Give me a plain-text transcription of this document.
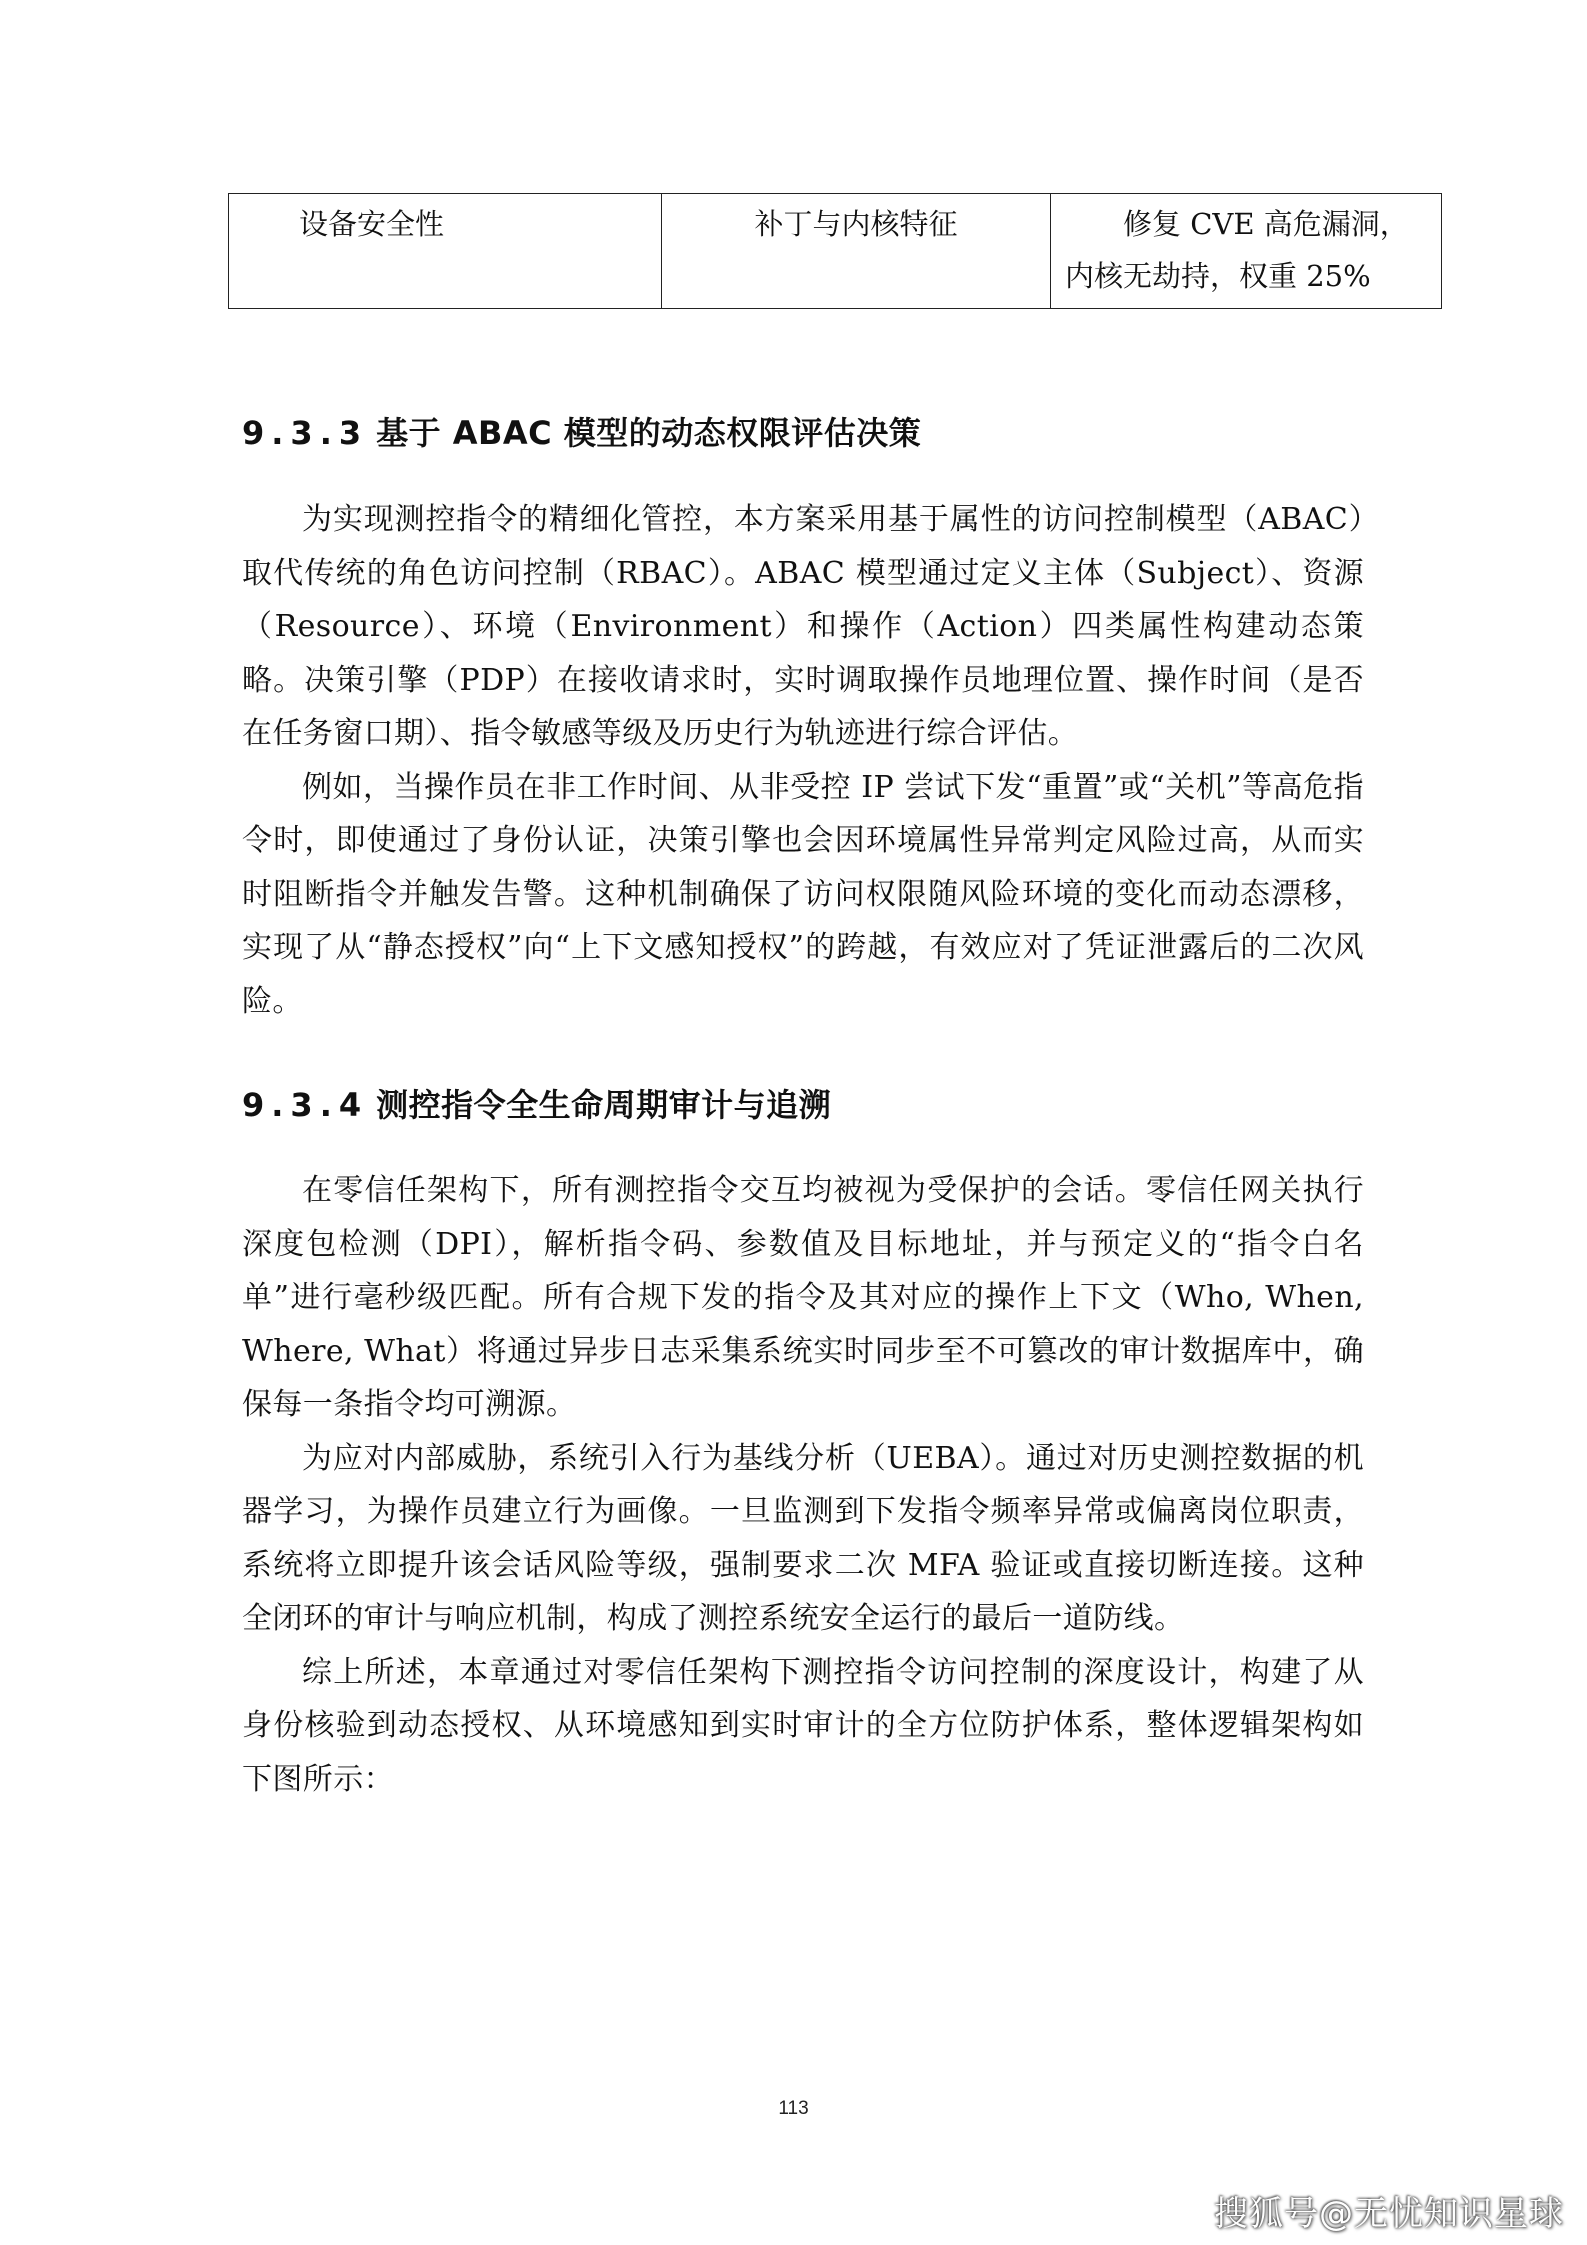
设备安全性	补丁与内核特征	修复 CVE 高危漏洞，内核无劫持，权重 25%
9.3.3 基于 ABAC 模型的动态权限评估决策

为实现测控指令的精细化管控，本方案采用基于属性的访问控制模型（ABAC）取代传统的角色访问控制（RBAC）。ABAC 模型通过定义主体（Subject）、资源（Resource）、环境（Environment）和操作（Action）四类属性构建动态策略。决策引擎（PDP）在接收请求时，实时调取操作员地理位置、操作时间（是否在任务窗口期）、指令敏感等级及历史行为轨迹进行综合评估。

例如，当操作员在非工作时间、从非受控 IP 尝试下发“重置”或“关机”等高危指令时，即使通过了身份认证，决策引擎也会因环境属性异常判定风险过高，从而实时阻断指令并触发告警。这种机制确保了访问权限随风险环境的变化而动态漂移，实现了从“静态授权”向“上下文感知授权”的跨越，有效应对了凭证泄露后的二次风险。

9.3.4 测控指令全生命周期审计与追溯

在零信任架构下，所有测控指令交互均被视为受保护的会话。零信任网关执行深度包检测（DPI），解析指令码、参数值及目标地址，并与预定义的“指令白名单”进行毫秒级匹配。所有合规下发的指令及其对应的操作上下文（Who, When, Where, What）将通过异步日志采集系统实时同步至不可篡改的审计数据库中，确保每一条指令均可溯源。

为应对内部威胁，系统引入行为基线分析（UEBA）。通过对历史测控数据的机器学习，为操作员建立行为画像。一旦监测到下发指令频率异常或偏离岗位职责，系统将立即提升该会话风险等级，强制要求二次 MFA 验证或直接切断连接。这种全闭环的审计与响应机制，构成了测控系统安全运行的最后一道防线。

综上所述，本章通过对零信任架构下测控指令访问控制的深度设计，构建了从身份核验到动态授权、从环境感知到实时审计的全方位防护体系，整体逻辑架构如下图所示：

113
搜狐号@无忧知识星球
